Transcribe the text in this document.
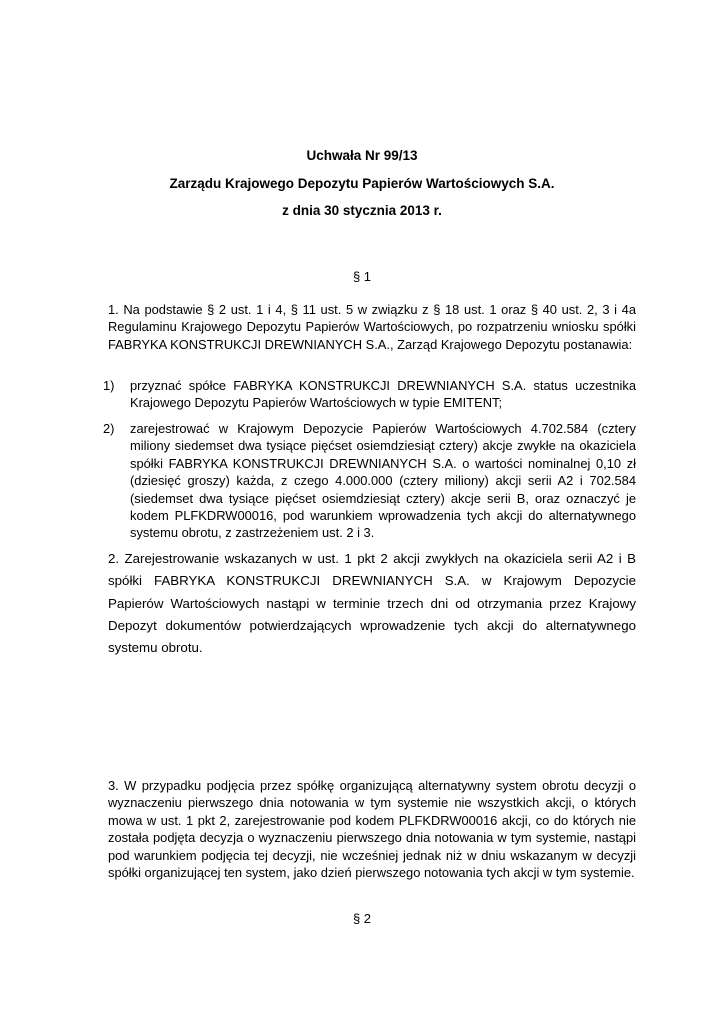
Uchwała Nr 99/13
Zarządu Krajowego Depozytu Papierów Wartościowych S.A.
z dnia 30 stycznia 2013 r.
§ 1

1. Na podstawie § 2 ust. 1 i 4, § 11 ust. 5 w związku z § 18 ust. 1 oraz § 40 ust. 2, 3 i 4a Regulaminu Krajowego Depozytu Papierów Wartościowych, po rozpatrzeniu wniosku spółki FABRYKA KONSTRUKCJI DREWNIANYCH S.A., Zarząd Krajowego Depozytu postanawia:

1)	przyznać spółce FABRYKA KONSTRUKCJI DREWNIANYCH S.A. status uczestnika Krajowego Depozytu Papierów Wartościowych w typie EMITENT;

2)	zarejestrować w Krajowym Depozycie Papierów Wartościowych 4.702.584 (cztery miliony siedemset dwa tysiące pięćset osiemdziesiąt cztery) akcje zwykłe na okaziciela spółki FABRYKA KONSTRUKCJI DREWNIANYCH S.A. o wartości nominalnej 0,10 zł (dziesięć groszy) każda, z czego 4.000.000 (cztery miliony) akcji serii A2 i 702.584 (siedemset dwa tysiące pięćset osiemdziesiąt cztery) akcje serii B, oraz oznaczyć je kodem PLFKDRW00016, pod warunkiem wprowadzenia tych akcji do alternatywnego systemu obrotu, z zastrzeżeniem ust. 2 i 3.

2. Zarejestrowanie wskazanych w ust. 1 pkt 2 akcji zwykłych na okaziciela serii A2 i B spółki FABRYKA KONSTRUKCJI DREWNIANYCH S.A. w Krajowym Depozycie Papierów Wartościowych nastąpi w terminie trzech dni od otrzymania przez Krajowy Depozyt dokumentów potwierdzających wprowadzenie tych akcji do alternatywnego systemu obrotu.

3. W przypadku podjęcia przez spółkę organizującą alternatywny system obrotu decyzji o wyznaczeniu pierwszego dnia notowania w tym systemie nie wszystkich akcji, o których mowa w ust. 1 pkt 2, zarejestrowanie pod kodem PLFKDRW00016 akcji, co do których nie została podjęta decyzja o wyznaczeniu pierwszego dnia notowania w tym systemie, nastąpi pod warunkiem podjęcia tej decyzji, nie wcześniej jednak niż w dniu wskazanym w decyzji spółki organizującej ten system, jako dzień pierwszego notowania tych akcji w tym systemie.

§ 2
